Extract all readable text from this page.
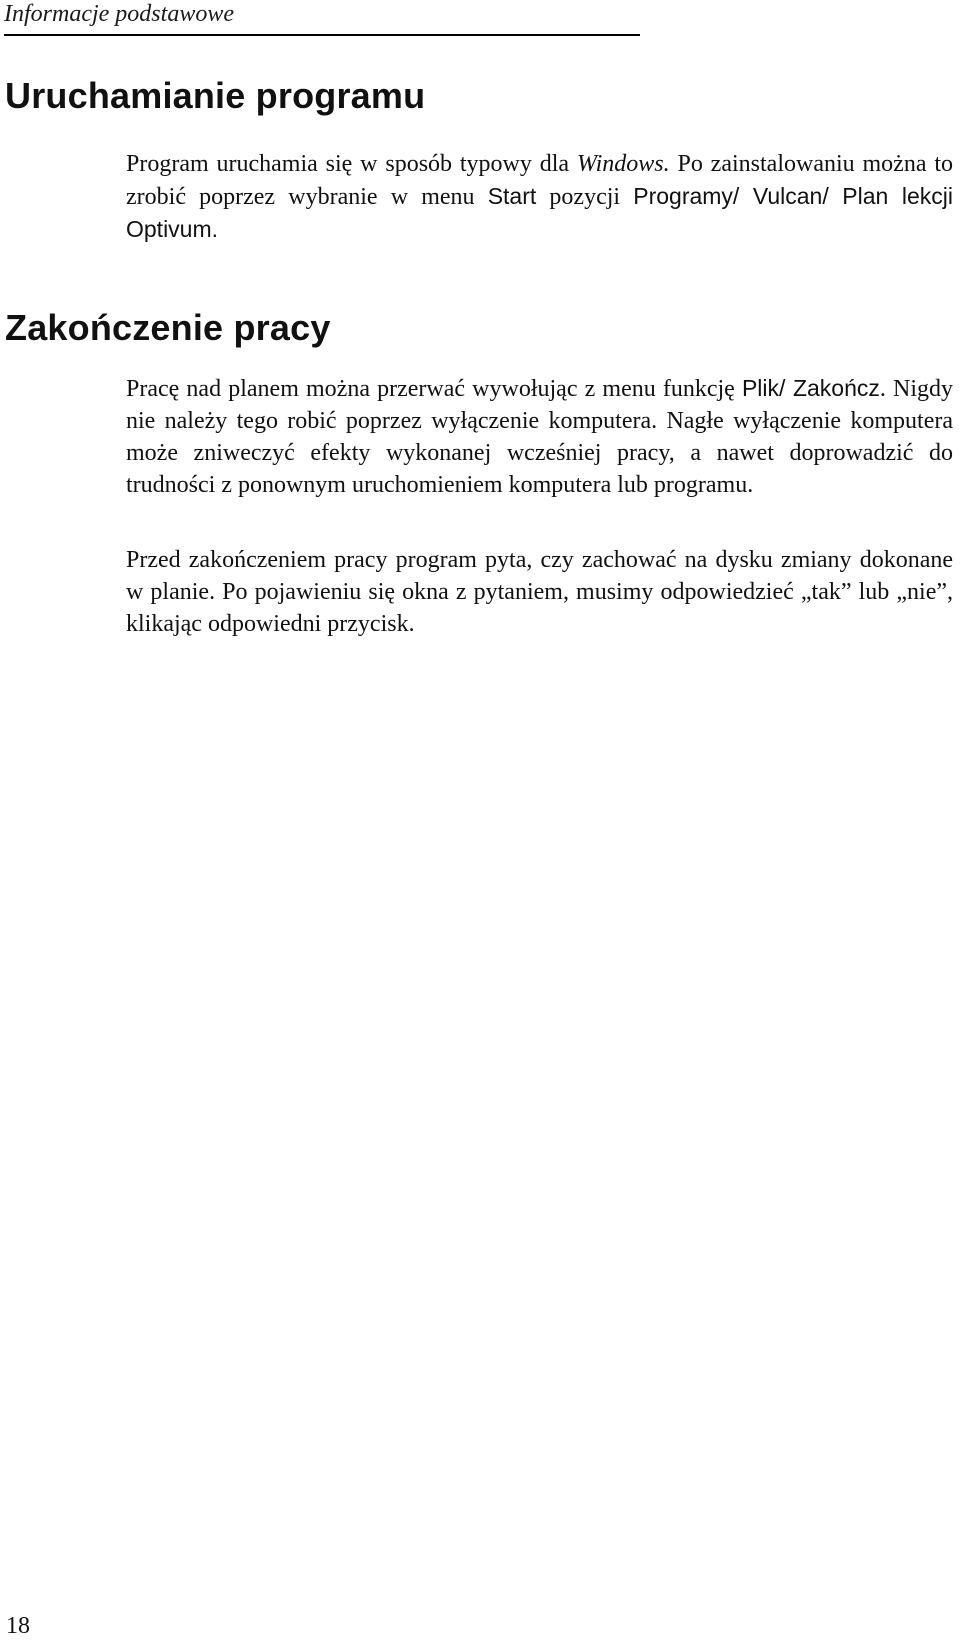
Informacje podstawowe

Uruchamianie programu

Program uruchamia się w sposób typowy dla Windows. Po zainstalowaniu można to zrobić poprzez wybranie w menu Start pozycji Programy/ Vulcan/ Plan lekcji Optivum.

Zakończenie pracy

Pracę nad planem można przerwać wywołując z menu funkcję Plik/ Zakończ. Nigdy nie należy tego robić poprzez wyłączenie komputera. Nagłe wyłączenie komputera może zniweczyć efekty wykonanej wcześniej pracy, a nawet doprowadzić do trudności z ponownym uruchomieniem komputera lub programu.

Przed zakończeniem pracy program pyta, czy zachować na dysku zmiany dokonane w planie. Po pojawieniu się okna z pytaniem, musimy odpowiedzieć „tak” lub „nie”, klikając odpowiedni przycisk.

18
